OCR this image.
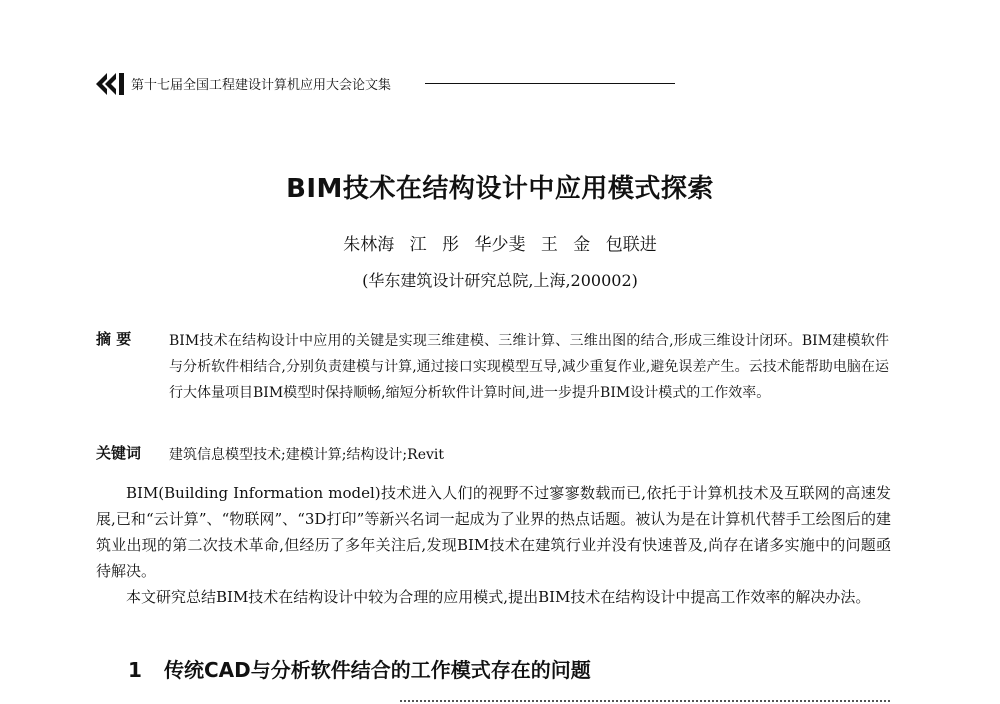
第十七届全国工程建设计算机应用大会论文集
BIM技术在结构设计中应用模式探索
朱林海 江 彤 华少斐 王 金 包联进
(华东建筑设计研究总院,上海,200002)
摘 要	BIM技术在结构设计中应用的关键是实现三维建模、三维计算、三维出图的结合,形成三维设计闭环。BIM建模软件与分析软件相结合,分别负责建模与计算,通过接口实现模型互导,减少重复作业,避免误差产生。云技术能帮助电脑在运行大体量项目BIM模型时保持顺畅,缩短分析软件计算时间,进一步提升BIM设计模式的工作效率。
关键词 建筑信息模型技术;建模计算;结构设计;Revit

BIM(Building Information model)技术进入人们的视野不过寥寥数载而已,依托于计算机技术及互联网的高速发展,已和“云计算”、“物联网”、“3D打印”等新兴名词一起成为了业界的热点话题。被认为是在计算机代替手工绘图后的建筑业出现的第二次技术革命,但经历了多年关注后,发现BIM技术在建筑行业并没有快速普及,尚存在诸多实施中的问题亟待解决。

本文研究总结BIM技术在结构设计中较为合理的应用模式,提出BIM技术在结构设计中提高工作效率的解决办法。

1 传统CAD与分析软件结合的工作模式存在的问题
